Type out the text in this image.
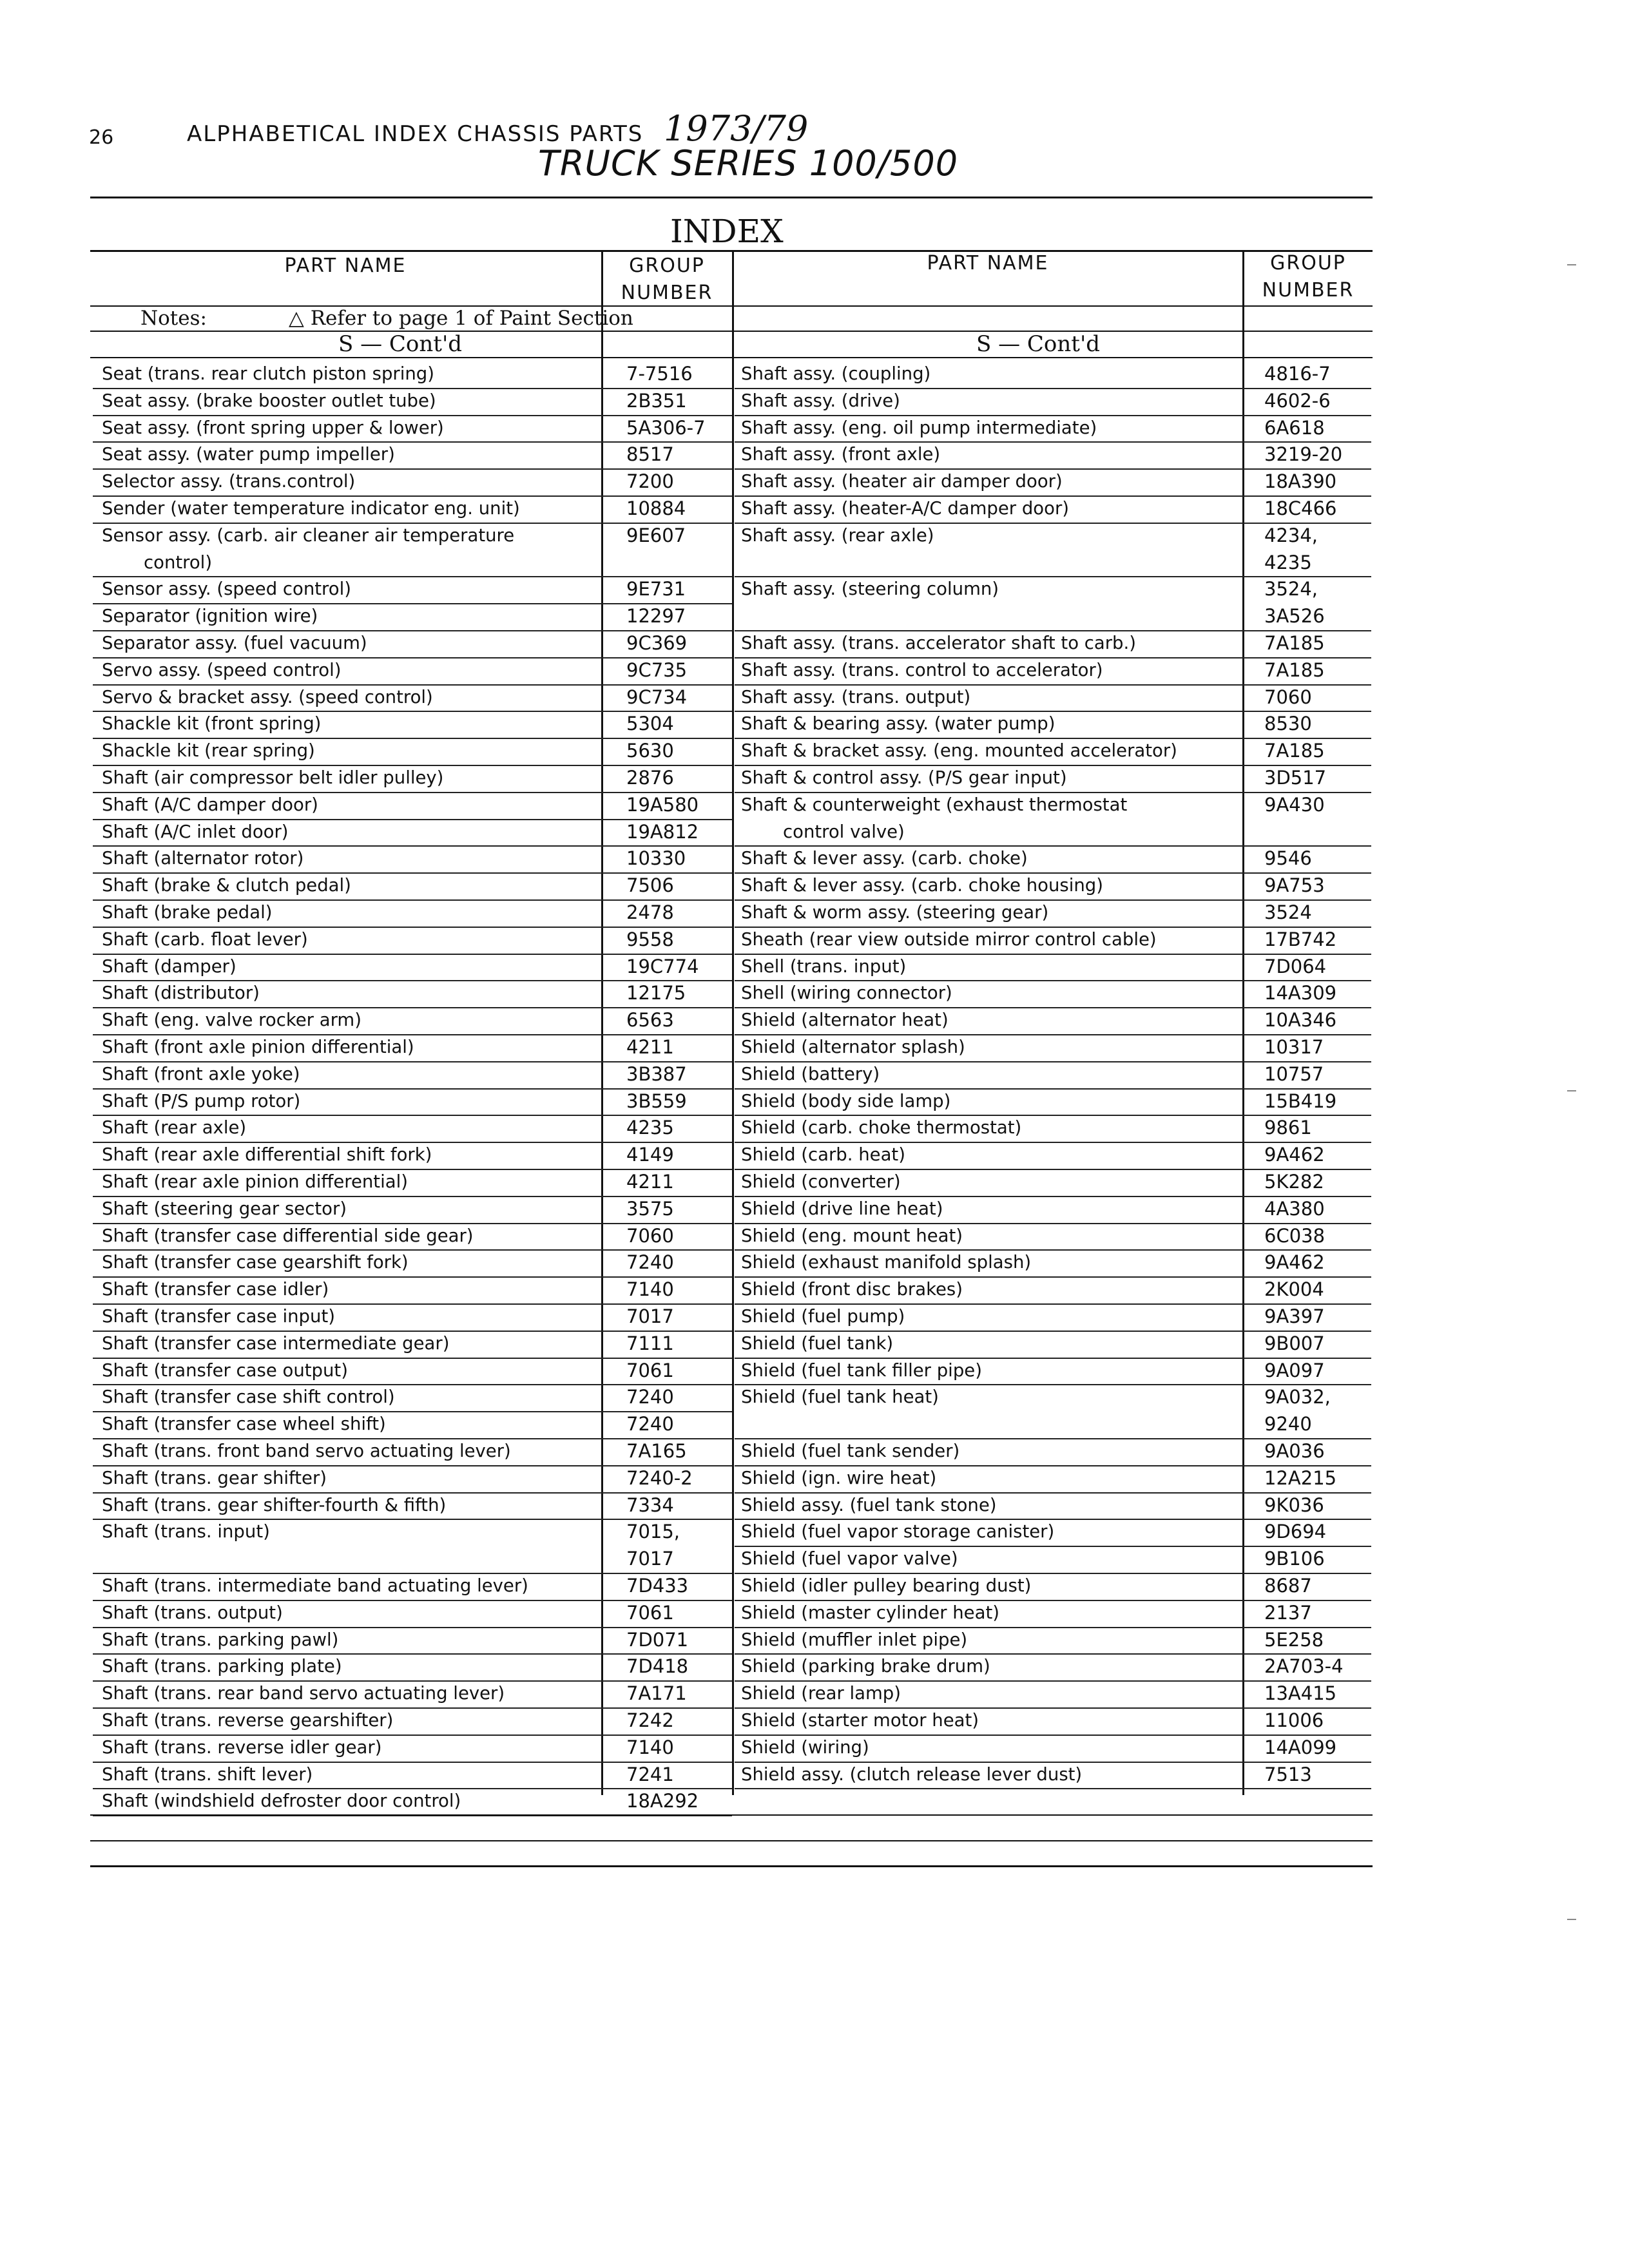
26	ALPHABETICAL INDEX CHASSIS PARTS 1973/79
TRUCK SERIES 100/500
INDEX
PART NAME	GROUP
NUMBER
PART NAME	GROUP
NUMBER
Notes:	△ Refer to page 1 of Paint Section
S — Cont'd	S — Cont'd
Seat (trans. rear clutch piston spring)	7-7516
Seat assy. (brake booster outlet tube)	2B351
Seat assy. (front spring upper & lower)	5A306-7
Seat assy. (water pump impeller)	8517
Selector assy. (trans.control)	7200
Sender (water temperature indicator eng. unit)	10884
Sensor assy. (carb. air cleaner air temperature
control)
9E607
Sensor assy. (speed control)	9E731
Separator (ignition wire)	12297
Separator assy. (fuel vacuum)	9C369
Servo assy. (speed control)	9C735
Servo & bracket assy. (speed control)	9C734
Shackle kit (front spring)	5304
Shackle kit (rear spring)	5630
Shaft (air compressor belt idler pulley)	2876
Shaft (A/C damper door)	19A580
Shaft (A/C inlet door)	19A812
Shaft (alternator rotor)	10330
Shaft (brake & clutch pedal)	7506
Shaft (brake pedal)	2478
Shaft (carb. float lever)	9558
Shaft (damper)	19C774
Shaft (distributor)	12175
Shaft (eng. valve rocker arm)	6563
Shaft (front axle pinion differential)	4211
Shaft (front axle yoke)	3B387
Shaft (P/S pump rotor)	3B559
Shaft (rear axle)	4235
Shaft (rear axle differential shift fork)	4149
Shaft (rear axle pinion differential)	4211
Shaft (steering gear sector)	3575
Shaft (transfer case differential side gear)	7060
Shaft (transfer case gearshift fork)	7240
Shaft (transfer case idler)	7140
Shaft (transfer case input)	7017
Shaft (transfer case intermediate gear)	7111
Shaft (transfer case output)	7061
Shaft (transfer case shift control)	7240
Shaft (transfer case wheel shift)	7240
Shaft (trans. front band servo actuating lever)	7A165
Shaft (trans. gear shifter)	7240-2
Shaft (trans. gear shifter-fourth & fifth)	7334
Shaft (trans. input)	7015,
7017
Shaft (trans. intermediate band actuating lever)	7D433
Shaft (trans. output)	7061
Shaft (trans. parking pawl)	7D071
Shaft (trans. parking plate)	7D418
Shaft (trans. rear band servo actuating lever)	7A171
Shaft (trans. reverse gearshifter)	7242
Shaft (trans. reverse idler gear)	7140
Shaft (trans. shift lever)	7241
Shaft (windshield defroster door control)	18A292
Shaft assy. (coupling)	4816-7
Shaft assy. (drive)	4602-6
Shaft assy. (eng. oil pump intermediate)	6A618
Shaft assy. (front axle)	3219-20
Shaft assy. (heater air damper door)	18A390
Shaft assy. (heater-A/C damper door)	18C466
Shaft assy. (rear axle)	4234,
4235
Shaft assy. (steering column)	3524,
3A526
Shaft assy. (trans. accelerator shaft to carb.)	7A185
Shaft assy. (trans. control to accelerator)	7A185
Shaft assy. (trans. output)	7060
Shaft & bearing assy. (water pump)	8530
Shaft & bracket assy. (eng. mounted accelerator)	7A185
Shaft & control assy. (P/S gear input)	3D517
Shaft & counterweight (exhaust thermostat
control valve)
9A430
Shaft & lever assy. (carb. choke)	9546
Shaft & lever assy. (carb. choke housing)	9A753
Shaft & worm assy. (steering gear)	3524
Sheath (rear view outside mirror control cable)	17B742
Shell (trans. input)	7D064
Shell (wiring connector)	14A309
Shield (alternator heat)	10A346
Shield (alternator splash)	10317
Shield (battery)	10757
Shield (body side lamp)	15B419
Shield (carb. choke thermostat)	9861
Shield (carb. heat)	9A462
Shield (converter)	5K282
Shield (drive line heat)	4A380
Shield (eng. mount heat)	6C038
Shield (exhaust manifold splash)	9A462
Shield (front disc brakes)	2K004
Shield (fuel pump)	9A397
Shield (fuel tank)	9B007
Shield (fuel tank filler pipe)	9A097
Shield (fuel tank heat)	9A032,
9240
Shield (fuel tank sender)	9A036
Shield (ign. wire heat)	12A215
Shield assy. (fuel tank stone)	9K036
Shield (fuel vapor storage canister)	9D694
Shield (fuel vapor valve)	9B106
Shield (idler pulley bearing dust)	8687
Shield (master cylinder heat)	2137
Shield (muffler inlet pipe)	5E258
Shield (parking brake drum)	2A703-4
Shield (rear lamp)	13A415
Shield (starter motor heat)	11006
Shield (wiring)	14A099
Shield assy. (clutch release lever dust)	7513
